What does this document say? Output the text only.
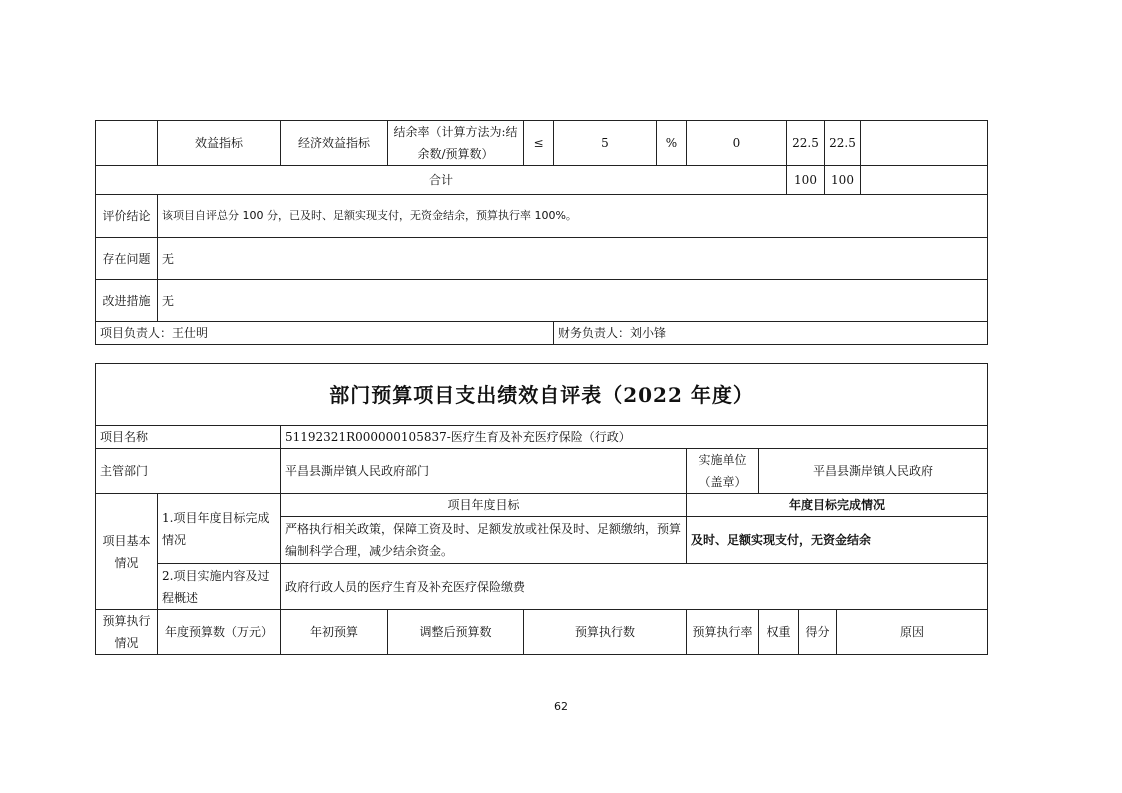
	效益指标	经济效益指标	结余率（计算方法为:结余数/预算数）	≤	5	%	0	22.5	22.5	
合计								100	100	
评价结论	该项目自评总分 100 分，已及时、足额实现支付，无资金结余，预算执行率 100%。									
存在问题	无									
改进措施	无									
项目负责人：王仕明					财务负责人：刘小锋					
部门预算项目支出绩效自评表（2022 年度）								
项目名称		51192321R000000105837-医疗生育及补充医疗保险（行政）						
主管部门		平昌县澌岸镇人民政府部门			实施单位（盖章）	平昌县澌岸镇人民政府		
项目基本情况	1.项目年度目标完成情况	项目年度目标			年度目标完成情况			
		严格执行相关政策，保障工资及时、足额发放或社保及时、足额缴纳，预算编制科学合理，减少结余资金。			及时、足额实现支付，无资金结余			
	2.项目实施内容及过程概述	政府行政人员的医疗生育及补充医疗保险缴费						
预算执行情况	年度预算数（万元）	年初预算	调整后预算数	预算执行数	预算执行率	权重	得分	原因
62
